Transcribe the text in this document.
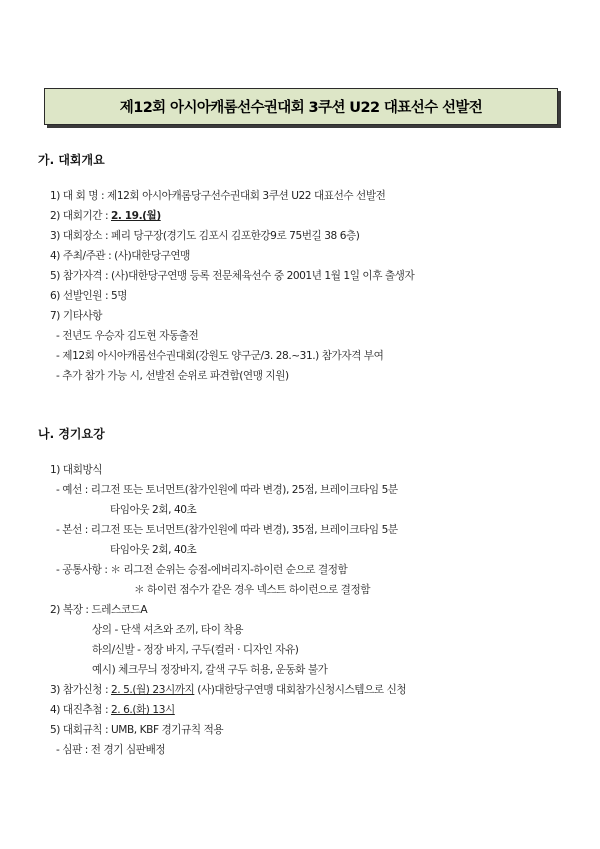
제12회 아시아캐롬선수권대회 3쿠션 U22 대표선수 선발전
가. 대회개요
1) 대 회 명 : 제12회 아시아캐롬당구선수권대회 3쿠션 U22 대표선수 선발전
2) 대회기간 : 2. 19.(월)
3) 대회장소 : 페리 당구장(경기도 김포시 김포한강9로 75번길 38 6층)
4) 주최/주관 : (사)대한당구연맹
5) 참가자격 : (사)대한당구연맹 등록 전문체육선수 중 2001년 1월 1일 이후 출생자
6) 선발인원 : 5명
7) 기타사항
- 전년도 우승자 김도현 자동출전
- 제12회 아시아캐롬선수권대회(강원도 양구군/3. 28.~31.) 참가자격 부여
- 추가 참가 가능 시, 선발전 순위로 파견함(연맹 지원)
나. 경기요강
1) 대회방식
- 예선 : 리그전 또는 토너먼트(참가인원에 따라 변경), 25점, 브레이크타임 5분
타임아웃 2회, 40초
- 본선 : 리그전 또는 토너먼트(참가인원에 따라 변경), 35점, 브레이크타임 5분
타임아웃 2회, 40초
- 공통사항 : ＊ 리그전 순위는 승점-에버리지-하이런 순으로 결정함
＊ 하이런 점수가 같은 경우 넥스트 하이런으로 결정함
2) 복장 : 드레스코드A
상의 - 단색 셔츠와 조끼, 타이 착용
하의/신발 - 정장 바지, 구두(컬러 · 디자인 자유)
예시) 체크무늬 정장바지, 갈색 구두 허용, 운동화 불가
3) 참가신청 : 2. 5.(월) 23시까지 (사)대한당구연맹 대회참가신청시스템으로 신청
4) 대진추첨 : 2. 6.(화) 13시
5) 대회규칙 : UMB, KBF 경기규칙 적용
- 심판 : 전 경기 심판배정
